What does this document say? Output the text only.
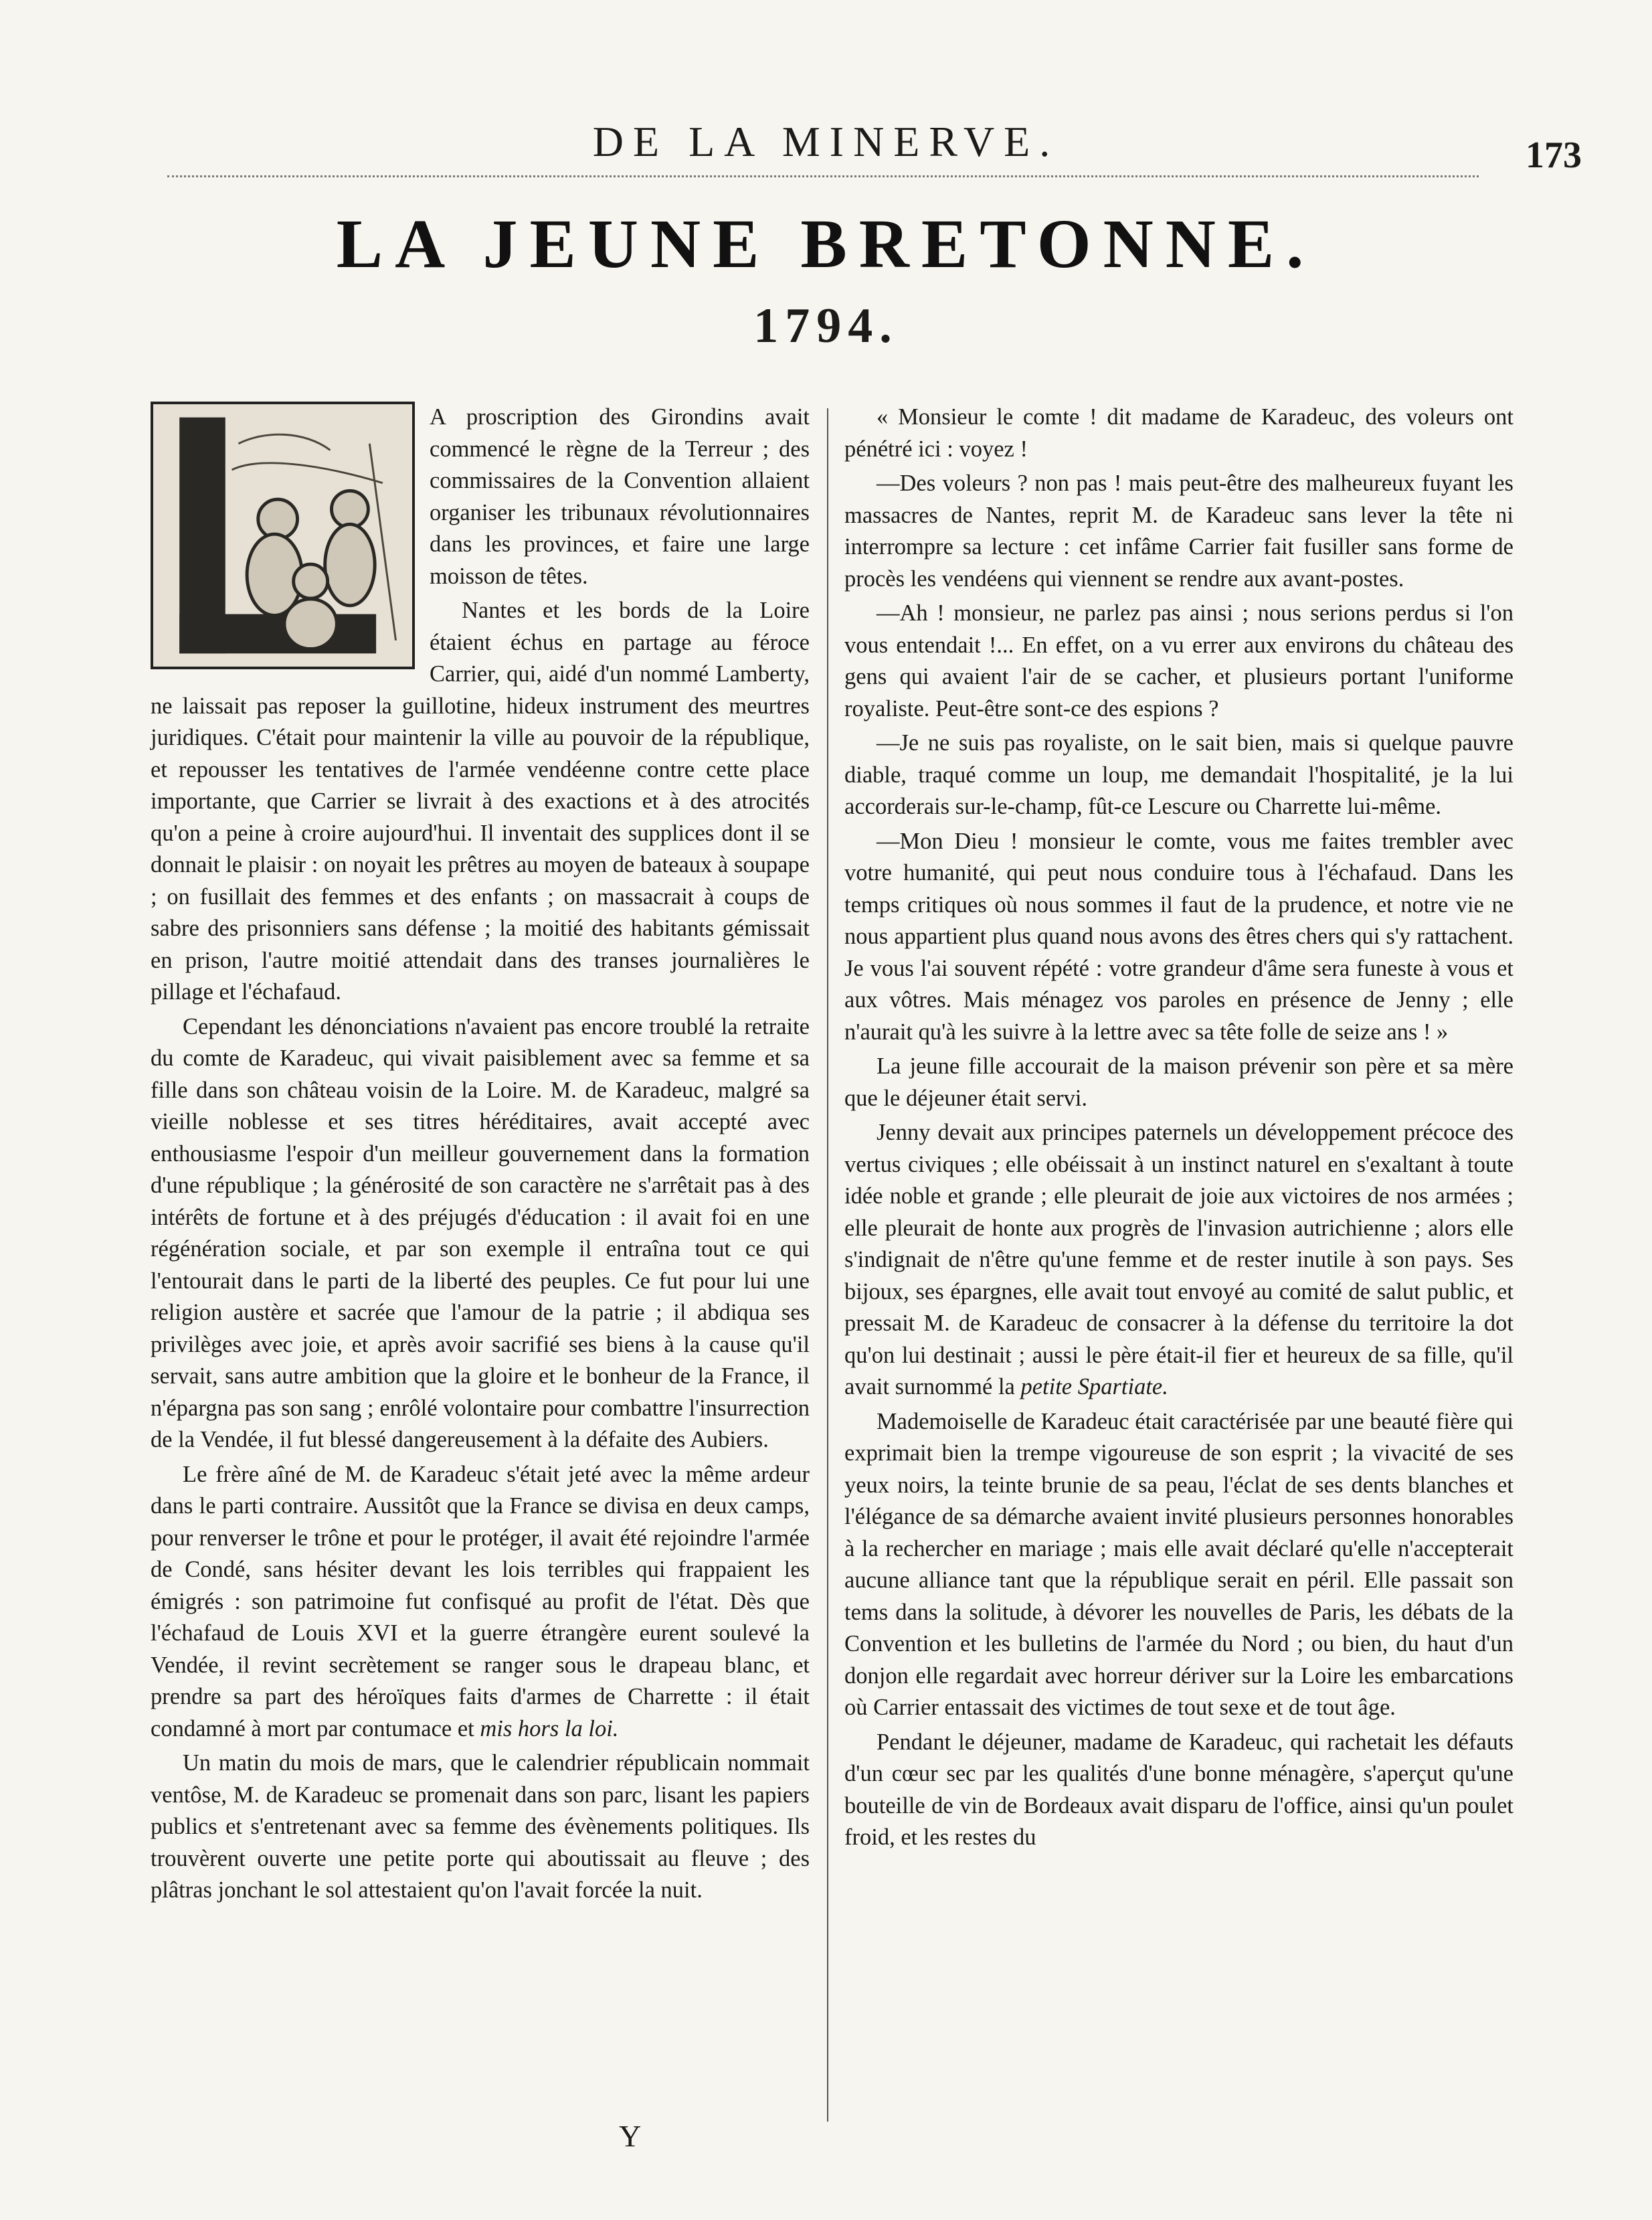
DE LA MINERVE.	173
LA JEUNE BRETONNE.
1794.

A proscription des Girondins avait commencé le règne de la Terreur ; des commissaires de la Convention allaient organiser les tribunaux révolutionnaires dans les provinces, et faire une large moisson de têtes.

Nantes et les bords de la Loire étaient échus en partage au féroce Carrier, qui, aidé d'un nommé Lamberty, ne laissait pas reposer la guillotine, hideux instrument des meurtres juridiques. C'était pour maintenir la ville au pouvoir de la république, et repousser les tentatives de l'armée vendéenne contre cette place importante, que Carrier se livrait à des exactions et à des atrocités qu'on a peine à croire aujourd'hui. Il inventait des supplices dont il se donnait le plaisir : on noyait les prêtres au moyen de bateaux à soupape ; on fusillait des femmes et des enfants ; on massacrait à coups de sabre des prisonniers sans défense ; la moitié des habitants gémissait en prison, l'autre moitié attendait dans des transes journalières le pillage et l'échafaud.

Cependant les dénonciations n'avaient pas encore troublé la retraite du comte de Karadeuc, qui vivait paisiblement avec sa femme et sa fille dans son château voisin de la Loire. M. de Karadeuc, malgré sa vieille noblesse et ses titres héréditaires, avait accepté avec enthousiasme l'espoir d'un meilleur gouvernement dans la formation d'une république ; la générosité de son caractère ne s'arrêtait pas à des intérêts de fortune et à des préjugés d'éducation : il avait foi en une régénération sociale, et par son exemple il entraîna tout ce qui l'entourait dans le parti de la liberté des peuples. Ce fut pour lui une religion austère et sacrée que l'amour de la patrie ; il abdiqua ses privilèges avec joie, et après avoir sacrifié ses biens à la cause qu'il servait, sans autre ambition que la gloire et le bonheur de la France, il n'épargna pas son sang ; enrôlé volontaire pour combattre l'insurrection de la Vendée, il fut blessé dangereusement à la défaite des Aubiers.

Le frère aîné de M. de Karadeuc s'était jeté avec la même ardeur dans le parti contraire. Aussitôt que la France se divisa en deux camps, pour renverser le trône et pour le protéger, il avait été rejoindre l'armée de Condé, sans hésiter devant les lois terribles qui frappaient les émigrés : son patrimoine fut confisqué au profit de l'état. Dès que l'échafaud de Louis XVI et la guerre étrangère eurent soulevé la Vendée, il revint secrètement se ranger sous le drapeau blanc, et prendre sa part des héroïques faits d'armes de Charrette : il était condamné à mort par contumace et mis hors la loi.

Un matin du mois de mars, que le calendrier républicain nommait ventôse, M. de Karadeuc se promenait dans son parc, lisant les papiers publics et s'entretenant avec sa femme des évènements politiques. Ils trouvèrent ouverte une petite porte qui aboutissait au fleuve ; des plâtras jonchant le sol attestaient qu'on l'avait forcée la nuit.

« Monsieur le comte ! dit madame de Karadeuc, des voleurs ont pénétré ici : voyez !

—Des voleurs ? non pas ! mais peut-être des malheureux fuyant les massacres de Nantes, reprit M. de Karadeuc sans lever la tête ni interrompre sa lecture : cet infâme Carrier fait fusiller sans forme de procès les vendéens qui viennent se rendre aux avant-postes.

—Ah ! monsieur, ne parlez pas ainsi ; nous serions perdus si l'on vous entendait !... En effet, on a vu errer aux environs du château des gens qui avaient l'air de se cacher, et plusieurs portant l'uniforme royaliste. Peut-être sont-ce des espions ?

—Je ne suis pas royaliste, on le sait bien, mais si quelque pauvre diable, traqué comme un loup, me demandait l'hospitalité, je la lui accorderais sur-le-champ, fût-ce Lescure ou Charrette lui-même.

—Mon Dieu ! monsieur le comte, vous me faites trembler avec votre humanité, qui peut nous conduire tous à l'échafaud. Dans les temps critiques où nous sommes il faut de la prudence, et notre vie ne nous appartient plus quand nous avons des êtres chers qui s'y rattachent. Je vous l'ai souvent répété : votre grandeur d'âme sera funeste à vous et aux vôtres. Mais ménagez vos paroles en présence de Jenny ; elle n'aurait qu'à les suivre à la lettre avec sa tête folle de seize ans ! »

La jeune fille accourait de la maison prévenir son père et sa mère que le déjeuner était servi.

Jenny devait aux principes paternels un développement précoce des vertus civiques ; elle obéissait à un instinct naturel en s'exaltant à toute idée noble et grande ; elle pleurait de joie aux victoires de nos armées ; elle pleurait de honte aux progrès de l'invasion autrichienne ; alors elle s'indignait de n'être qu'une femme et de rester inutile à son pays. Ses bijoux, ses épargnes, elle avait tout envoyé au comité de salut public, et pressait M. de Karadeuc de consacrer à la défense du territoire la dot qu'on lui destinait ; aussi le père était-il fier et heureux de sa fille, qu'il avait surnommé la petite Spartiate.

Mademoiselle de Karadeuc était caractérisée par une beauté fière qui exprimait bien la trempe vigoureuse de son esprit ; la vivacité de ses yeux noirs, la teinte brunie de sa peau, l'éclat de ses dents blanches et l'élégance de sa démarche avaient invité plusieurs personnes honorables à la rechercher en mariage ; mais elle avait déclaré qu'elle n'accepterait aucune alliance tant que la république serait en péril. Elle passait son tems dans la solitude, à dévorer les nouvelles de Paris, les débats de la Convention et les bulletins de l'armée du Nord ; ou bien, du haut d'un donjon elle regardait avec horreur dériver sur la Loire les embarcations où Carrier entassait des victimes de tout sexe et de tout âge.

Pendant le déjeuner, madame de Karadeuc, qui rachetait les défauts d'un cœur sec par les qualités d'une bonne ménagère, s'aperçut qu'une bouteille de vin de Bordeaux avait disparu de l'office, ainsi qu'un poulet froid, et les restes du

Y
